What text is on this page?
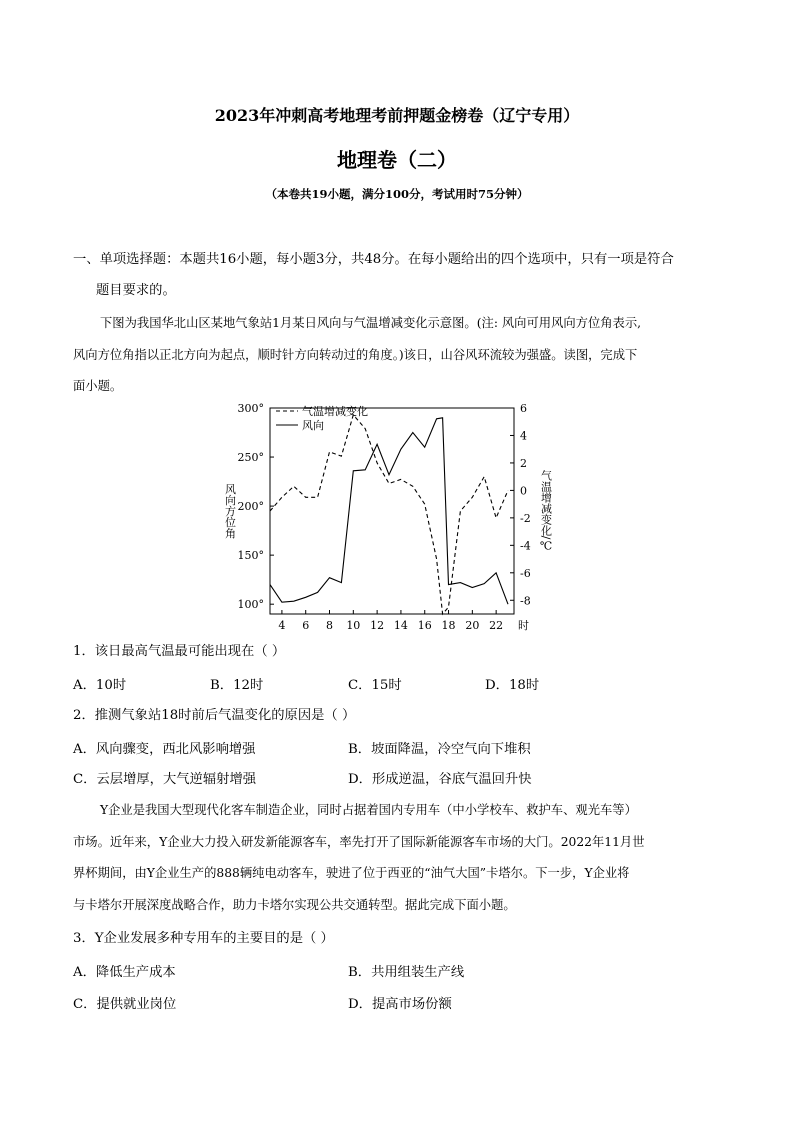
2023年冲刺高考地理考前押题金榜卷（辽宁专用）
地理卷（二）
（本卷共19小题，满分100分，考试用时75分钟）
一、单项选择题：本题共16小题，每小题3分，共48分。在每小题给出的四个选项中，只有一项是符合
题目要求的。
下图为我国华北山区某地气象站1月某日风向与气温增减变化示意图。(注: 风向可用风向方位角表示,
风向方位角指以正北方向为起点，顺时针方向转动过的角度。)该日，山谷风环流较为强盛。读图，完成下
面小题。
100°
150°
200°
250°
300°
-8
-6
-4
-2
0
2
4
6
4 6 8 10 12 14 16 18 20 22 时
风向方位角	气温增减变化/℃
气温增减变化
风向
1．该日最高气温最可能出现在（ ）
A．10时	B．12时	C．15时	D．18时
2．推测气象站18时前后气温变化的原因是（ ）
A．风向骤变，西北风影响增强	B．坡面降温，冷空气向下堆积
C．云层增厚，大气逆辐射增强	D．形成逆温，谷底气温回升快
Y企业是我国大型现代化客车制造企业，同时占据着国内专用车（中小学校车、救护车、观光车等）
市场。近年来，Y企业大力投入研发新能源客车，率先打开了国际新能源客车市场的大门。2022年11月世
界杯期间，由Y企业生产的888辆纯电动客车，驶进了位于西亚的“油气大国”卡塔尔。下一步，Y企业将
与卡塔尔开展深度战略合作，助力卡塔尔实现公共交通转型。据此完成下面小题。
3．Y企业发展多种专用车的主要目的是（ ）
A．降低生产成本	B．共用组装生产线
C．提供就业岗位	D．提高市场份额
